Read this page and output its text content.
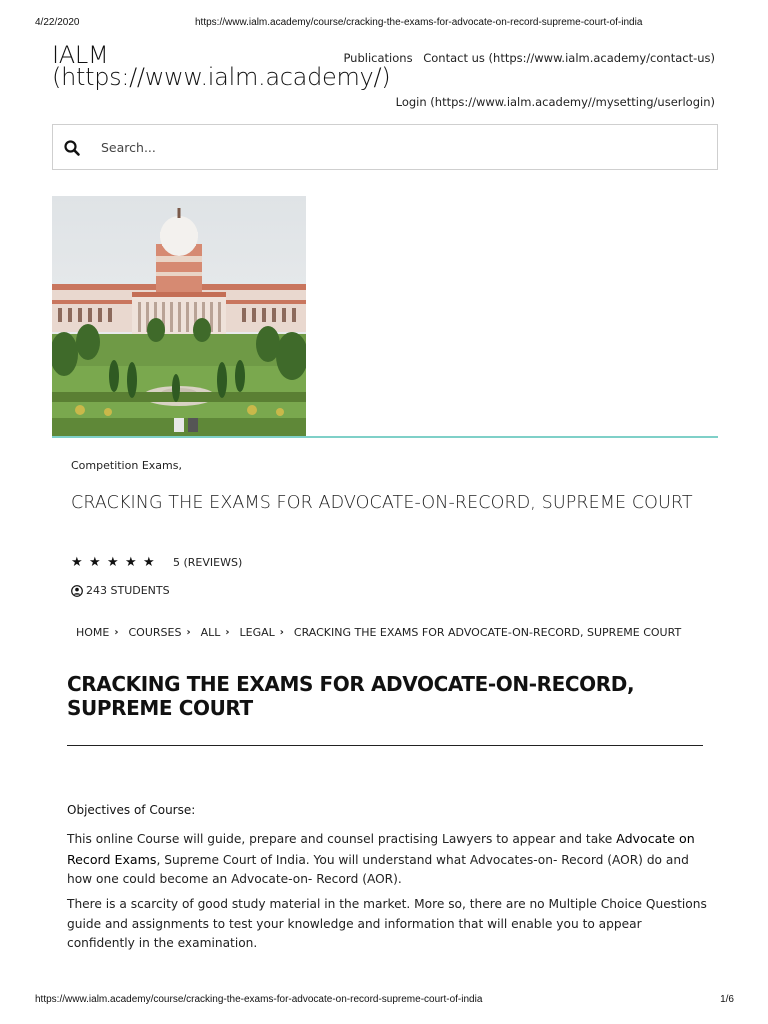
4/22/2020	https://www.ialm.academy/course/cracking-the-exams-for-advocate-on-record-supreme-court-of-india
IALM
(https://www.ialm.academy/)
Publications Contact us (https://www.ialm.academy/contact-us)
Login (https://www.ialm.academy//mysetting/userlogin)
Search...
Competition Exams,
CRACKING THE EXAMS FOR ADVOCATE-ON-RECORD, SUPREME COURT
★ ★ ★ ★ ★	5 (REVIEWS)
243 STUDENTS
HOME › COURSES › ALL › LEGAL › CRACKING THE EXAMS FOR ADVOCATE-ON-RECORD, SUPREME COURT
CRACKING THE EXAMS FOR ADVOCATE-ON-RECORD, SUPREME COURT
Objectives of Course:

This online Course will guide, prepare and counsel practising Lawyers to appear and take Advocate on Record Exams, Supreme Court of India. You will understand what Advocates-on- Record (AOR) do and how one could become an Advocate-on- Record (AOR).

There is a scarcity of good study material in the market. More so, there are no Multiple Choice Questions guide and assignments to test your knowledge and information that will enable you to appear confidently in the examination.

https://www.ialm.academy/course/cracking-the-exams-for-advocate-on-record-supreme-court-of-india	1/6
